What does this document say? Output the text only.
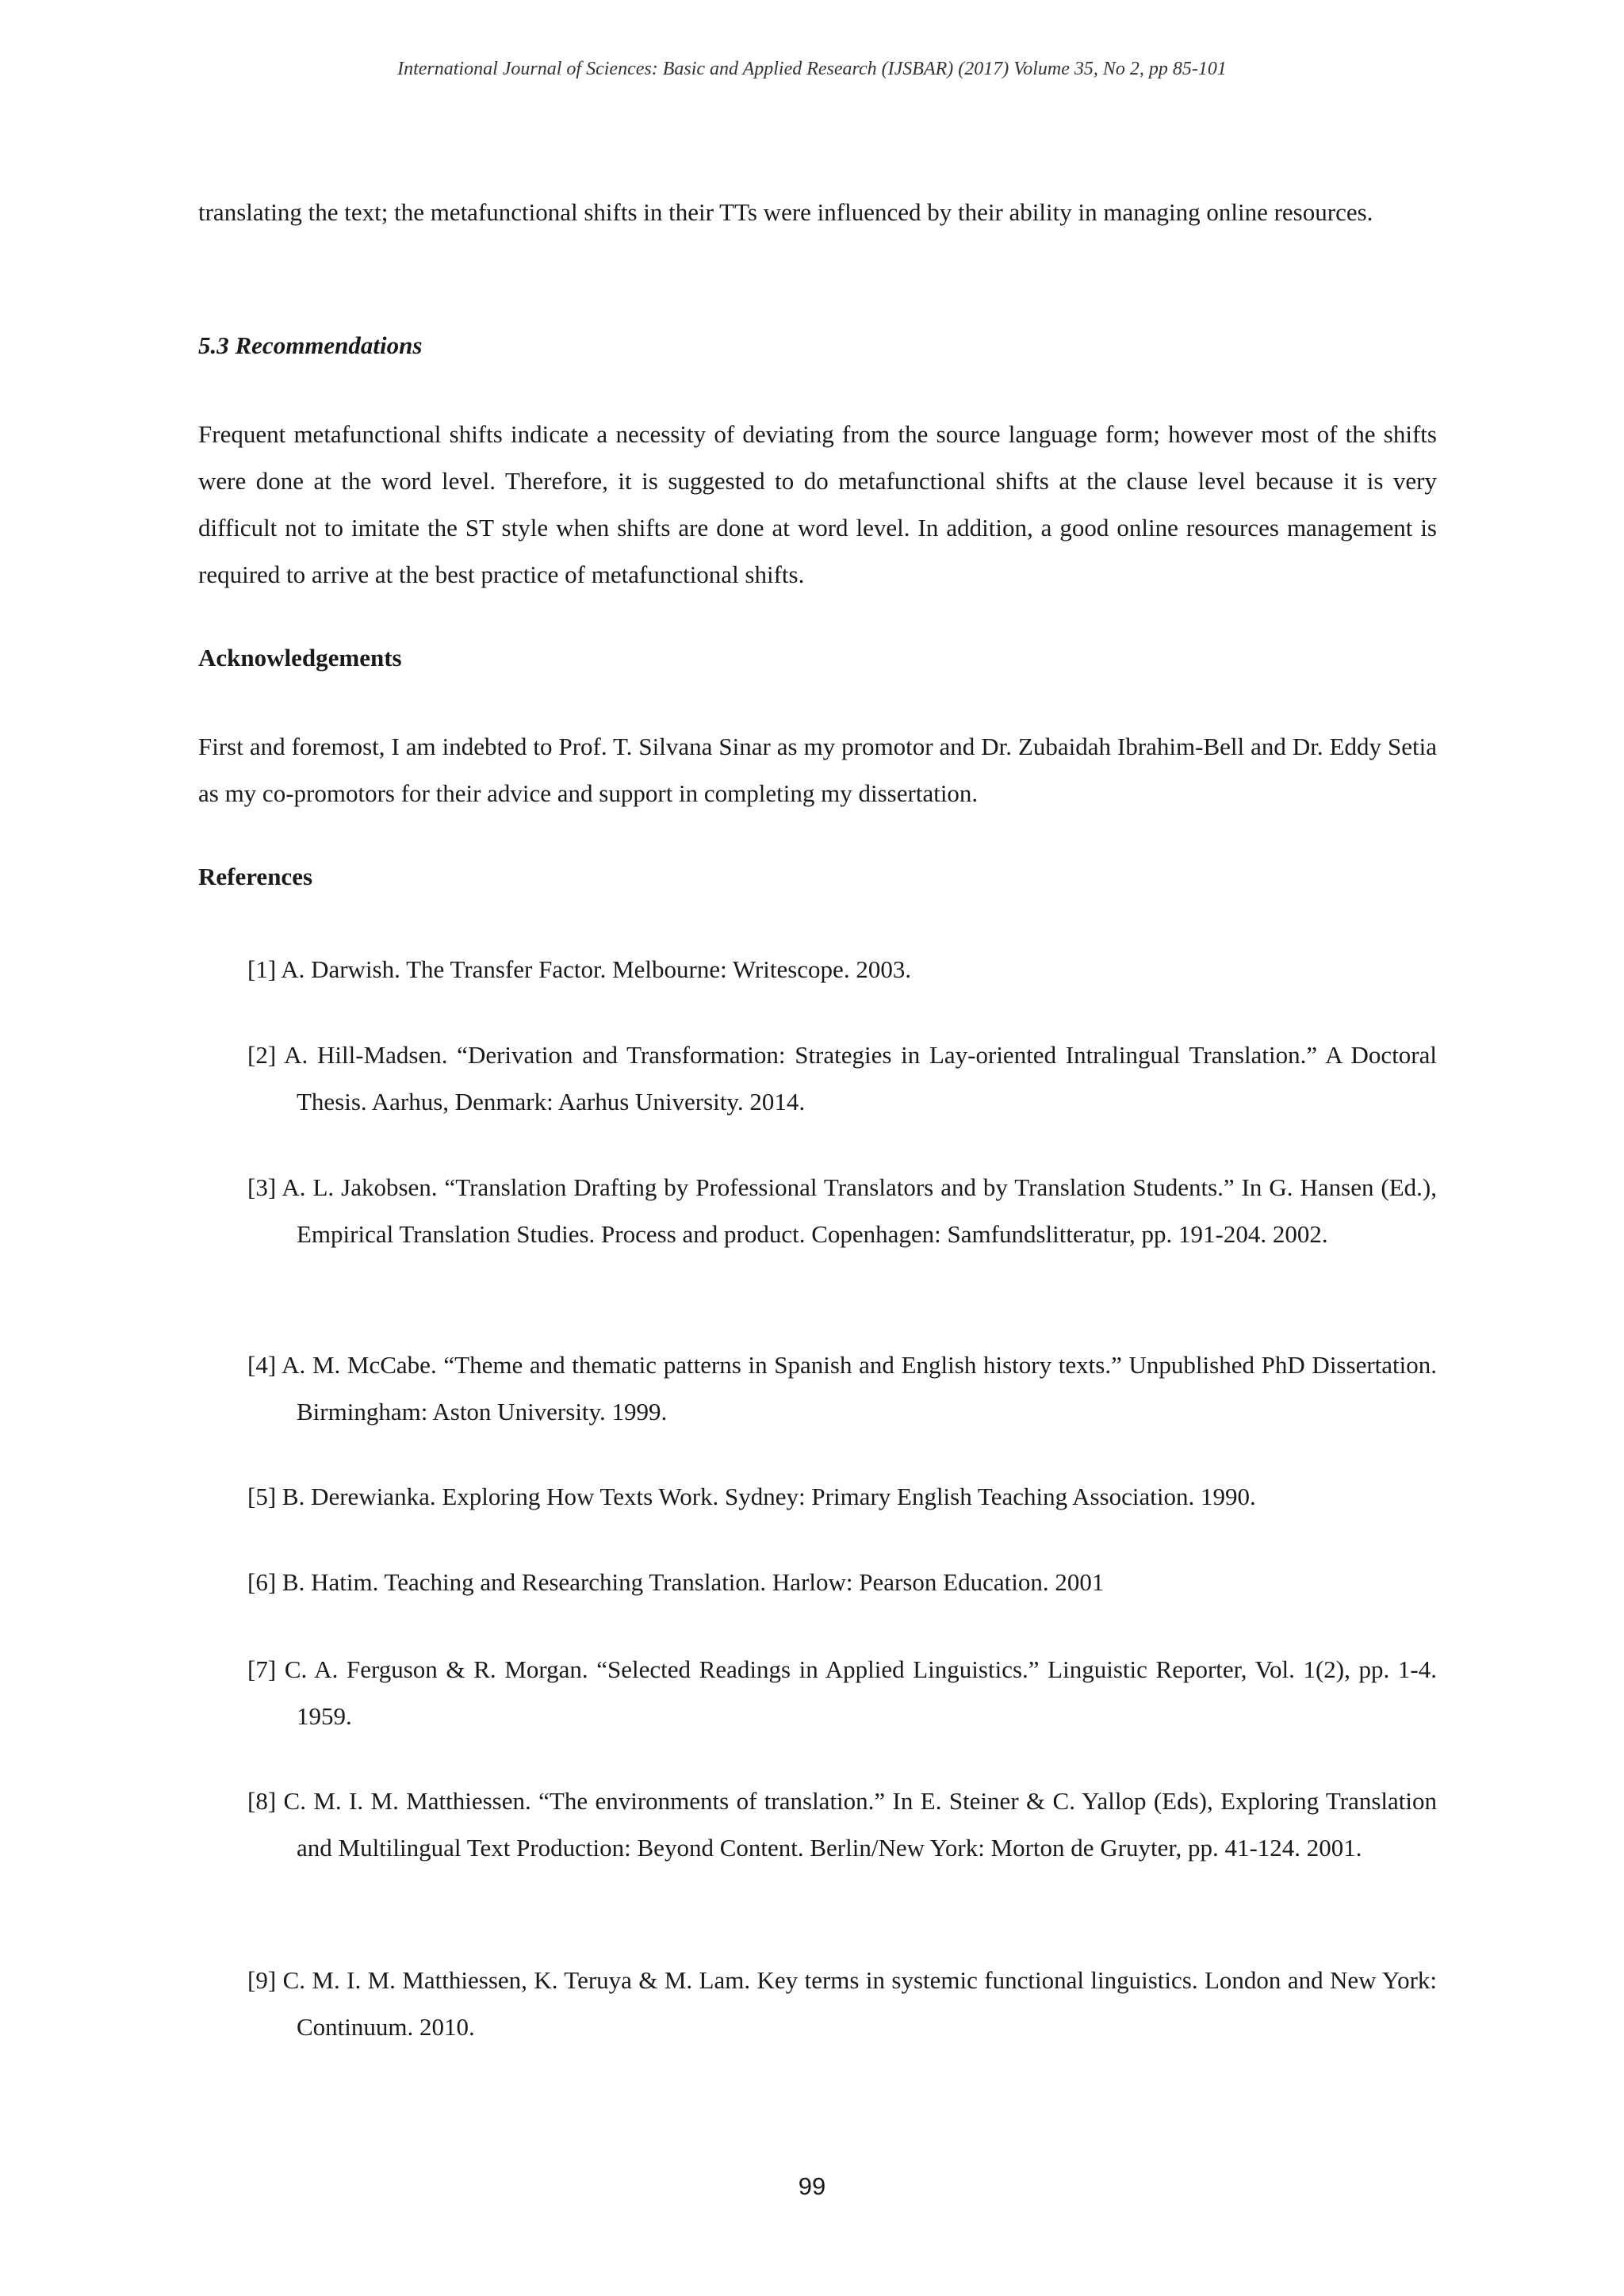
International Journal of Sciences: Basic and Applied Research (IJSBAR) (2017) Volume 35, No 2, pp 85-101

translating the text; the metafunctional shifts in their TTs were influenced by their ability in managing online resources.

5.3 Recommendations

Frequent metafunctional shifts indicate a necessity of deviating from the source language form; however most of the shifts were done at the word level. Therefore, it is suggested to do metafunctional shifts at the clause level because it is very difficult not to imitate the ST style when shifts are done at word level. In addition, a good online resources management is required to arrive at the best practice of metafunctional shifts.

Acknowledgements

First and foremost, I am indebted to Prof. T. Silvana Sinar as my promotor and Dr. Zubaidah Ibrahim-Bell and Dr. Eddy Setia as my co-promotors for their advice and support in completing my dissertation.

References

[1] A. Darwish. The Transfer Factor. Melbourne: Writescope. 2003.

[2] A. Hill-Madsen. “Derivation and Transformation: Strategies in Lay-oriented Intralingual Translation.” A Doctoral Thesis. Aarhus, Denmark: Aarhus University. 2014.

[3] A. L. Jakobsen. “Translation Drafting by Professional Translators and by Translation Students.” In G. Hansen (Ed.), Empirical Translation Studies. Process and product. Copenhagen: Samfundslitteratur, pp. 191-204. 2002.

[4] A. M. McCabe. “Theme and thematic patterns in Spanish and English history texts.” Unpublished PhD Dissertation. Birmingham: Aston University. 1999.

[5] B. Derewianka. Exploring How Texts Work. Sydney: Primary English Teaching Association. 1990.

[6] B. Hatim. Teaching and Researching Translation. Harlow: Pearson Education. 2001

[7] C. A. Ferguson & R. Morgan. “Selected Readings in Applied Linguistics.” Linguistic Reporter, Vol. 1(2), pp. 1-4. 1959.

[8] C. M. I. M. Matthiessen. “The environments of translation.” In E. Steiner & C. Yallop (Eds), Exploring Translation and Multilingual Text Production: Beyond Content. Berlin/New York: Morton de Gruyter, pp. 41-124. 2001.

[9] C. M. I. M. Matthiessen, K. Teruya & M. Lam. Key terms in systemic functional linguistics. London and New York: Continuum. 2010.

99
